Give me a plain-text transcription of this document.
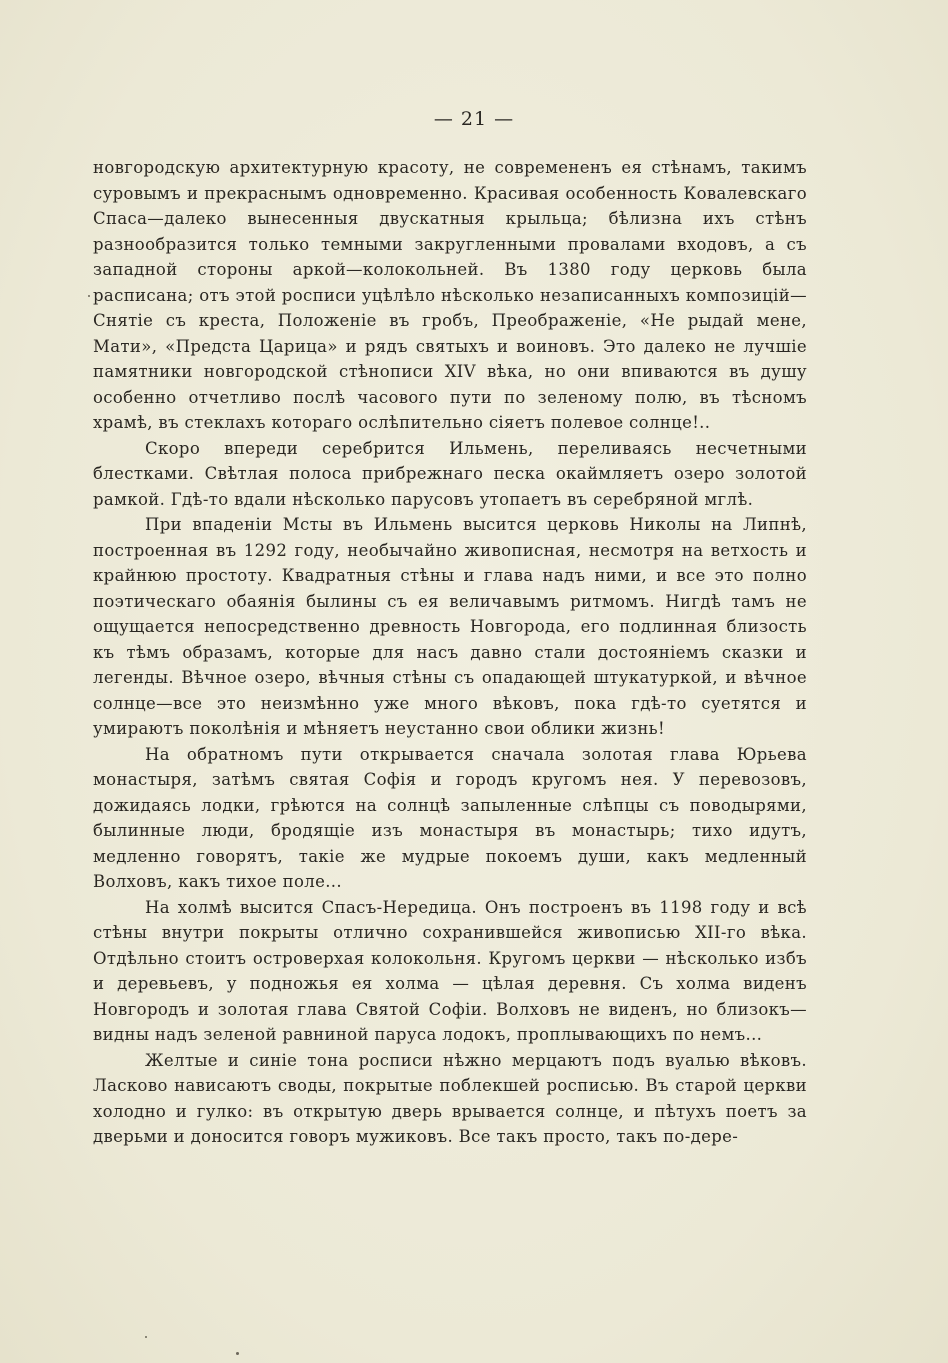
— 21 —

новгородскую архитектурную красоту, не современенъ ея стѣнамъ, такимъ суровымъ и прекраснымъ одновременно. Красивая особенность Ковалевскаго Спаса—далеко вынесенныя двускатныя крыльца; бѣлизна ихъ стѣнъ разнообразится только темными закругленными провалами входовъ, а съ западной стороны аркой—колокольней. Въ 1380 году церковь была расписана; отъ этой росписи уцѣлѣло нѣсколько незаписанныхъ композицій—Снятіе съ креста, Положеніе въ гробъ, Преображеніе, «Не рыдай мене, Мати», «Предста Царица» и рядъ святыхъ и воиновъ. Это далеко не лучшіе памятники новгородской стѣнописи XIV вѣка, но они впиваются въ душу особенно отчетливо послѣ часового пути по зеленому полю, въ тѣсномъ храмѣ, въ стеклахъ котораго ослѣпительно сіяетъ полевое солнце!..

Скоро впереди серебрится Ильмень, переливаясь несчетными блестками. Свѣтлая полоса прибрежнаго песка окаймляетъ озеро золотой рамкой. Гдѣ-то вдали нѣсколько парусовъ утопаетъ въ серебряной мглѣ.

При впаденіи Мсты въ Ильмень высится церковь Николы на Липнѣ, построенная въ 1292 году, необычайно живописная, несмотря на ветхость и крайнюю простоту. Квадратныя стѣны и глава надъ ними, и все это полно поэтическаго обаянія былины съ ея величавымъ ритмомъ. Нигдѣ тамъ не ощущается непосредственно древность Новгорода, его подлинная близость къ тѣмъ образамъ, которые для насъ давно стали достояніемъ сказки и легенды. Вѣчное озеро, вѣчныя стѣны съ опадающей штукатуркой, и вѣчное солнце—все это неизмѣнно уже много вѣковъ, пока гдѣ-то суетятся и умираютъ поколѣнія и мѣняетъ неустанно свои облики жизнь!

На обратномъ пути открывается сначала золотая глава Юрьева монастыря, затѣмъ святая Софія и городъ кругомъ нея. У перевозовъ, дожидаясь лодки, грѣются на солнцѣ запыленные слѣпцы съ поводырями, былинные люди, бродящіе изъ монастыря въ монастырь; тихо идутъ, медленно говорятъ, такіе же мудрые покоемъ души, какъ медленный Волховъ, какъ тихое поле...

На холмѣ высится Спасъ-Нередица. Онъ построенъ въ 1198 году и всѣ стѣны внутри покрыты отлично сохранившейся живописью XII-го вѣка. Отдѣльно стоитъ островерхая колокольня. Кругомъ церкви — нѣсколько избъ и деревьевъ, у подножья ея холма — цѣлая деревня. Съ холма виденъ Новгородъ и золотая глава Святой Софіи. Волховъ не виденъ, но близокъ—видны надъ зеленой равниной паруса лодокъ, проплывающихъ по немъ...

Желтые и синіе тона росписи нѣжно мерцаютъ подъ вуалью вѣковъ. Ласково нависаютъ своды, покрытые поблекшей росписью. Въ старой церкви холодно и гулко: въ открытую дверь врывается солнце, и пѣтухъ поетъ за дверьми и доносится говоръ мужиковъ. Все такъ просто, такъ по-дере-
